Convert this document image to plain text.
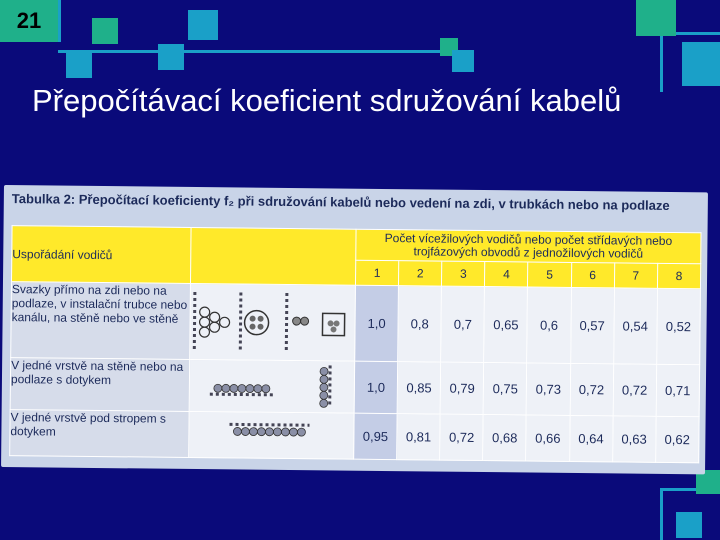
21
Přepočítávací koeficient sdružování kabelů
Tabulka 2: Přepočítací koeficienty f₂ při sdružování kabelů nebo vedení na zdi, v trubkách nebo na podlaze
Uspořádání vodičů		Počet vícežilových vodičů nebo počet střídavých nebo trojfázových obvodů z jednožilových vodičů							
		1	2	3	4	5	6	7	8
Svazky přímo na zdi nebo na podlaze, v instalační trubce nebo kanálu, na stěně nebo ve stěně		1,0	0,8	0,7	0,65	0,6	0,57	0,54	0,52
V jedné vrstvě na stěně nebo na podlaze s dotykem		1,0	0,85	0,79	0,75	0,73	0,72	0,72	0,71
V jedné vrstvě pod stropem s dotykem		0,95	0,81	0,72	0,68	0,66	0,64	0,63	0,62
